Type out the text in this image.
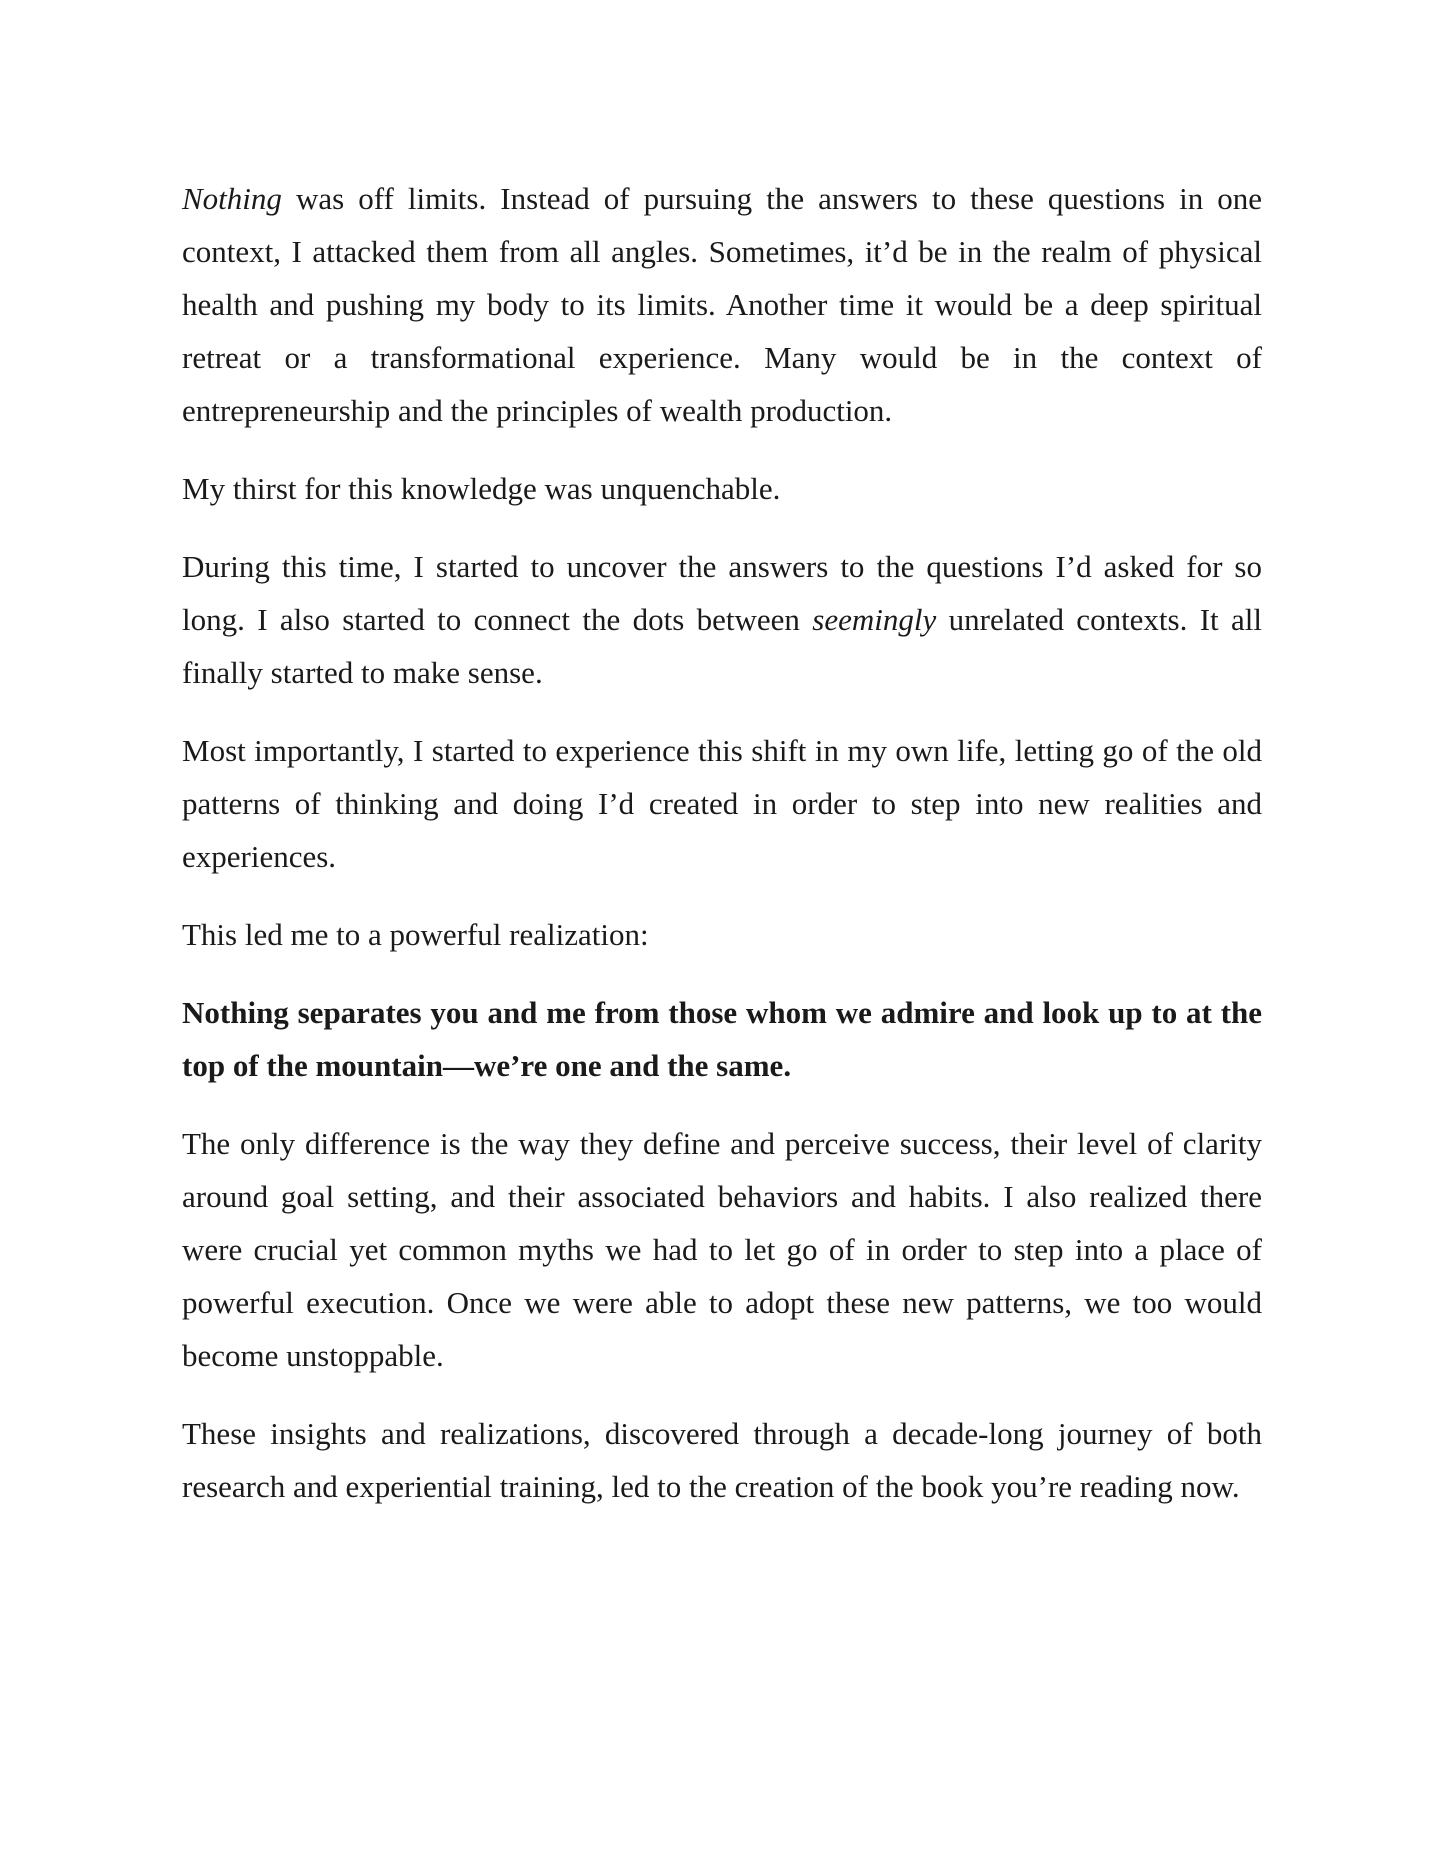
Nothing was off limits. Instead of pursuing the answers to these questions in one context, I attacked them from all angles. Sometimes, it’d be in the realm of physical health and pushing my body to its limits. Another time it would be a deep spiritual retreat or a transformational experience. Many would be in the context of entrepreneurship and the principles of wealth production.

My thirst for this knowledge was unquenchable.

During this time, I started to uncover the answers to the questions I’d asked for so long. I also started to connect the dots between seemingly unrelated contexts. It all finally started to make sense.

Most importantly, I started to experience this shift in my own life, letting go of the old patterns of thinking and doing I’d created in order to step into new realities and experiences.

This led me to a powerful realization:

Nothing separates you and me from those whom we admire and look up to at the top of the mountain—we’re one and the same.

The only difference is the way they define and perceive success, their level of clarity around goal setting, and their associated behaviors and habits. I also realized there were crucial yet common myths we had to let go of in order to step into a place of powerful execution. Once we were able to adopt these new patterns, we too would become unstoppable.

These insights and realizations, discovered through a decade-long journey of both research and experiential training, led to the creation of the book you’re reading now.
